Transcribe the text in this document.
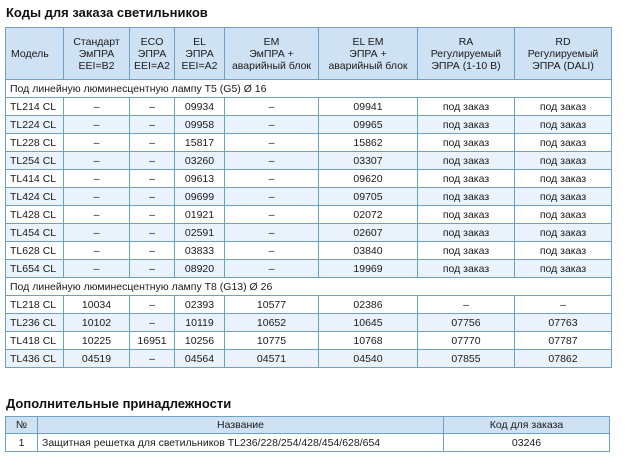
Коды для заказа светильников
Модель	Стандарт
ЭмПРА
EEI=B2	ECO
ЭПРА
EEI=A2	EL
ЭПРА
EEI=A2	EM
ЭмПРА +
аварийный блок	EL EM
ЭПРА +
аварийный блок	RA
Регулируемый
ЭПРА (1-10 В)	RD
Регулируемый
ЭПРА (DALI)

Под линейную люминесцентную лампу Т5 (G5) Ø 16							
TL214 CL	–	–	09934	–	09941	под заказ	под заказ
TL224 CL	–	–	09958	–	09965	под заказ	под заказ
TL228 CL	–	–	15817	–	15862	под заказ	под заказ
TL254 CL	–	–	03260	–	03307	под заказ	под заказ
TL414 CL	–	–	09613	–	09620	под заказ	под заказ
TL424 CL	–	–	09699	–	09705	под заказ	под заказ
TL428 CL	–	–	01921	–	02072	под заказ	под заказ
TL454 CL	–	–	02591	–	02607	под заказ	под заказ
TL628 CL	–	–	03833	–	03840	под заказ	под заказ
TL654 CL	–	–	08920	–	19969	под заказ	под заказ
Под линейную люминесцентную лампу Т8 (G13) Ø 26							
TL218 CL	10034	–	02393	10577	02386	–	–
TL236 CL	10102	–	10119	10652	10645	07756	07763
TL418 CL	10225	16951	10256	10775	10768	07770	07787
TL436 CL	04519	–	04564	04571	04540	07855	07862
Дополнительные принадлежности
№	Название	Код для заказа
1	Защитная решетка для светильников TL236/228/254/428/454/628/654	03246
